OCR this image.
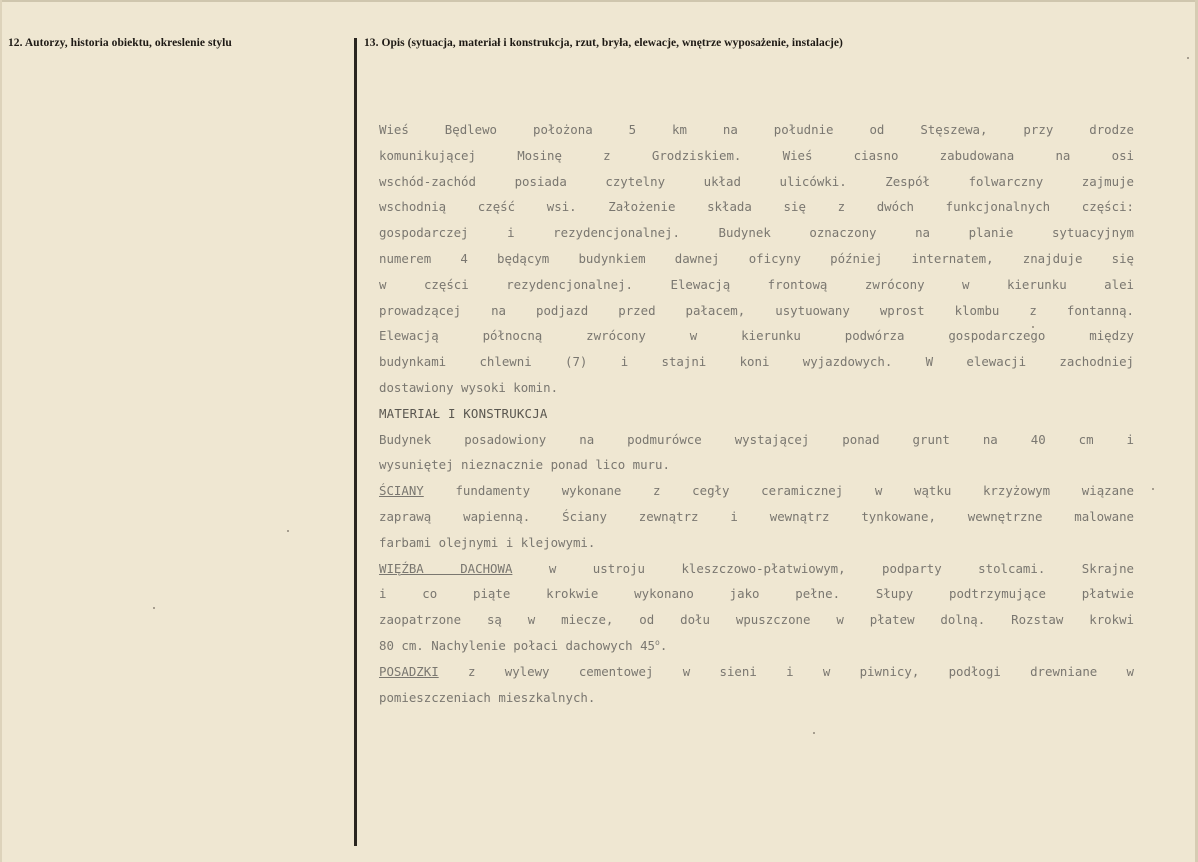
12. Autorzy, historia obiektu, okreslenie stylu	13. Opis (sytuacja, materiał i konstrukcja, rzut, bryła, elewacje, wnętrze wyposażenie, instalacje)
Wieś Będlewo położona 5 km na południe od Stęszewa, przy drodze
komunikującej Mosinę z Grodziskiem. Wieś ciasno zabudowana na osi
wschód-zachód posiada czytelny układ ulicówki. Zespół folwarczny zajmuje
wschodnią część wsi. Założenie składa się z dwóch funkcjonalnych części:
gospodarczej i rezydencjonalnej. Budynek oznaczony na planie sytuacyjnym
numerem 4 będącym budynkiem dawnej oficyny później internatem, znajduje się
w części rezydencjonalnej. Elewacją frontową zwrócony w kierunku alei
prowadzącej na podjazd przed pałacem, usytuowany wprost klombu z fontanną.
Elewacją północną zwrócony w kierunku podwórza gospodarczego między
budynkami chlewni (7) i stajni koni wyjazdowych. W elewacji zachodniej
dostawiony wysoki komin.
MATERIAŁ I KONSTRUKCJA
Budynek posadowiony na podmurówce wystającej ponad grunt na 40 cm i
wysuniętej nieznacznie ponad lico muru.
ŚCIANY	fundamenty wykonane z cegły ceramicznej w wątku krzyżowym wiązane
zaprawą wapienną. Ściany zewnątrz i wewnątrz tynkowane, wewnętrzne malowane
farbami olejnymi i klejowymi.
WIĘŹBA DACHOWA	w ustroju kleszczowo-płatwiowym, podparty stolcami. Skrajne
i co piąte krokwie wykonano jako pełne. Słupy podtrzymujące płatwie
zaopatrzone są w miecze, od dołu wpuszczone w płatew dolną. Rozstaw krokwi
80 cm. Nachylenie połaci dachowych 45$^o$.
POSADZKI z wylewy cementowej w sieni i w piwnicy, podłogi drewniane w
pomieszczeniach mieszkalnych.
